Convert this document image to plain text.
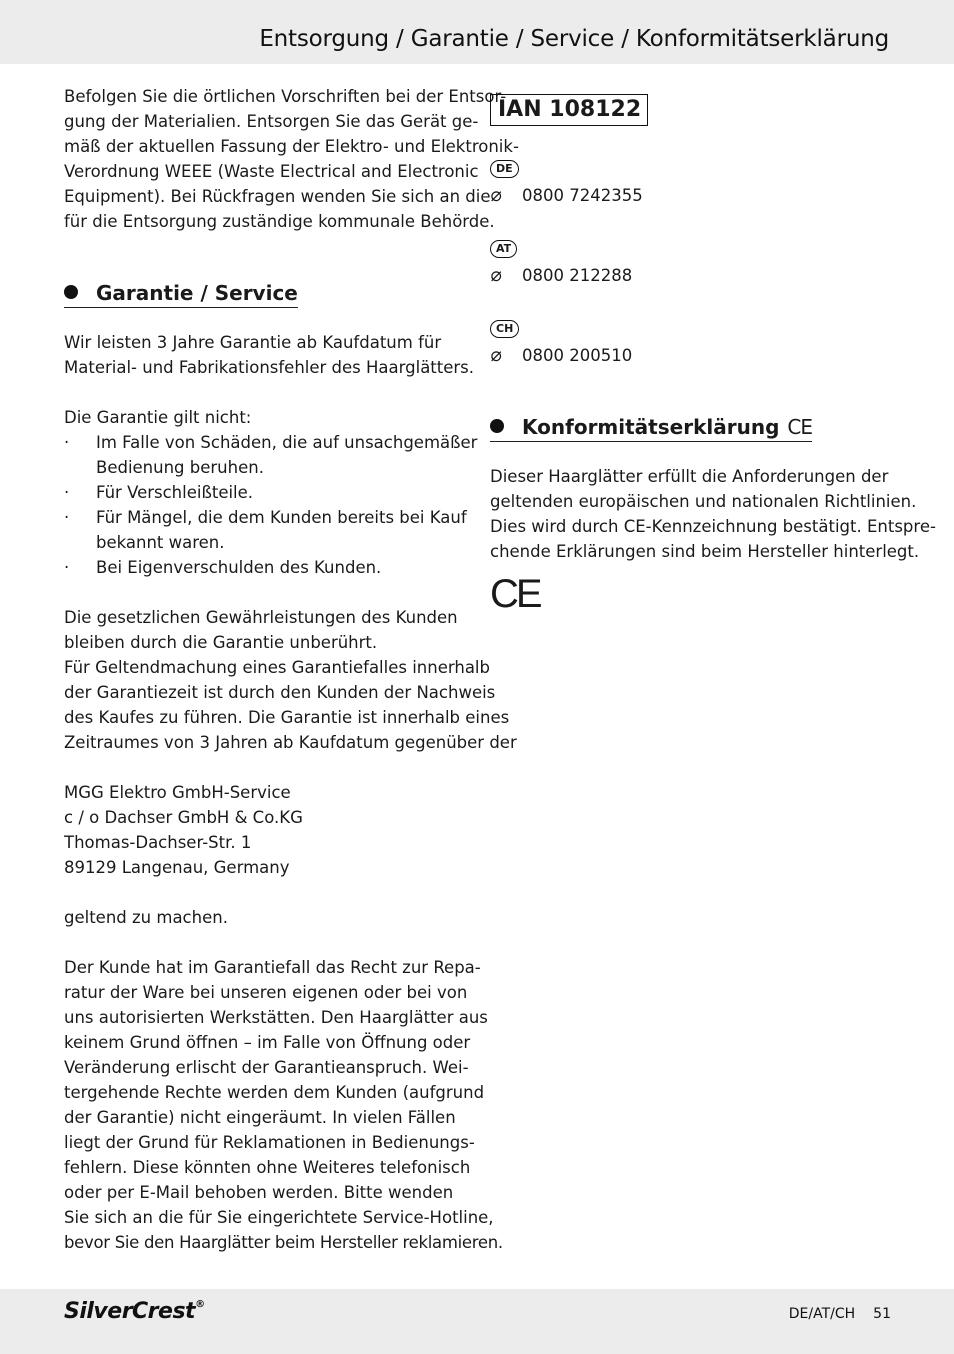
Entsorgung / Garantie / Service / Konformitätserklärung

Befolgen Sie die örtlichen Vorschriften bei der Entsor-

gung der Materialien. Entsorgen Sie das Gerät ge-

mäß der aktuellen Fassung der Elektro- und Elektronik-

Verordnung WEEE (Waste Electrical and Electronic

Equipment). Bei Rückfragen wenden Sie sich an die

für die Entsorgung zuständige kommunale Behörde.

Garantie / Service

Wir leisten 3 Jahre Garantie ab Kaufdatum für

Material- und Fabrikationsfehler des Haarglätters.

Die Garantie gilt nicht:

· Im Falle von Schäden, die auf unsachgemäßer
Bedienung beruhen.
· Für Verschleißteile.
· Für Mängel, die dem Kunden bereits bei Kauf
bekannt waren.
· Bei Eigenverschulden des Kunden.

Die gesetzlichen Gewährleistungen des Kunden

bleiben durch die Garantie unberührt.

Für Geltendmachung eines Garantiefalles innerhalb

der Garantiezeit ist durch den Kunden der Nachweis

des Kaufes zu führen. Die Garantie ist innerhalb eines

Zeitraumes von 3 Jahren ab Kaufdatum gegenüber der

MGG Elektro GmbH-Service

c / o Dachser GmbH & Co.KG

Thomas-Dachser-Str. 1

89129 Langenau, Germany

geltend zu machen.

Der Kunde hat im Garantiefall das Recht zur Repa-

ratur der Ware bei unseren eigenen oder bei von

uns autorisierten Werkstätten. Den Haarglätter aus

keinem Grund öffnen – im Falle von Öffnung oder

Veränderung erlischt der Garantieanspruch. Wei-

tergehende Rechte werden dem Kunden (aufgrund

der Garantie) nicht eingeräumt. In vielen Fällen

liegt der Grund für Reklamationen in Bedienungs-

fehlern. Diese könnten ohne Weiteres telefonisch

oder per E-Mail behoben werden. Bitte wenden

Sie sich an die für Sie eingerichtete Service-Hotline,

bevor Sie den Haarglätter beim Hersteller reklamieren.

IAN 108122
DE

⌀ 0800 7242355

AT

⌀ 0800 212288

CH

⌀ 0800 200510

Konformitätserklärung CE

Dieser Haarglätter erfüllt die Anforderungen der

geltenden europäischen und nationalen Richtlinien.

Dies wird durch CE-Kennzeichnung bestätigt. Entspre-

chende Erklärungen sind beim Hersteller hinterlegt.

CE
SilverCrest®
DE/AT/CH 51
